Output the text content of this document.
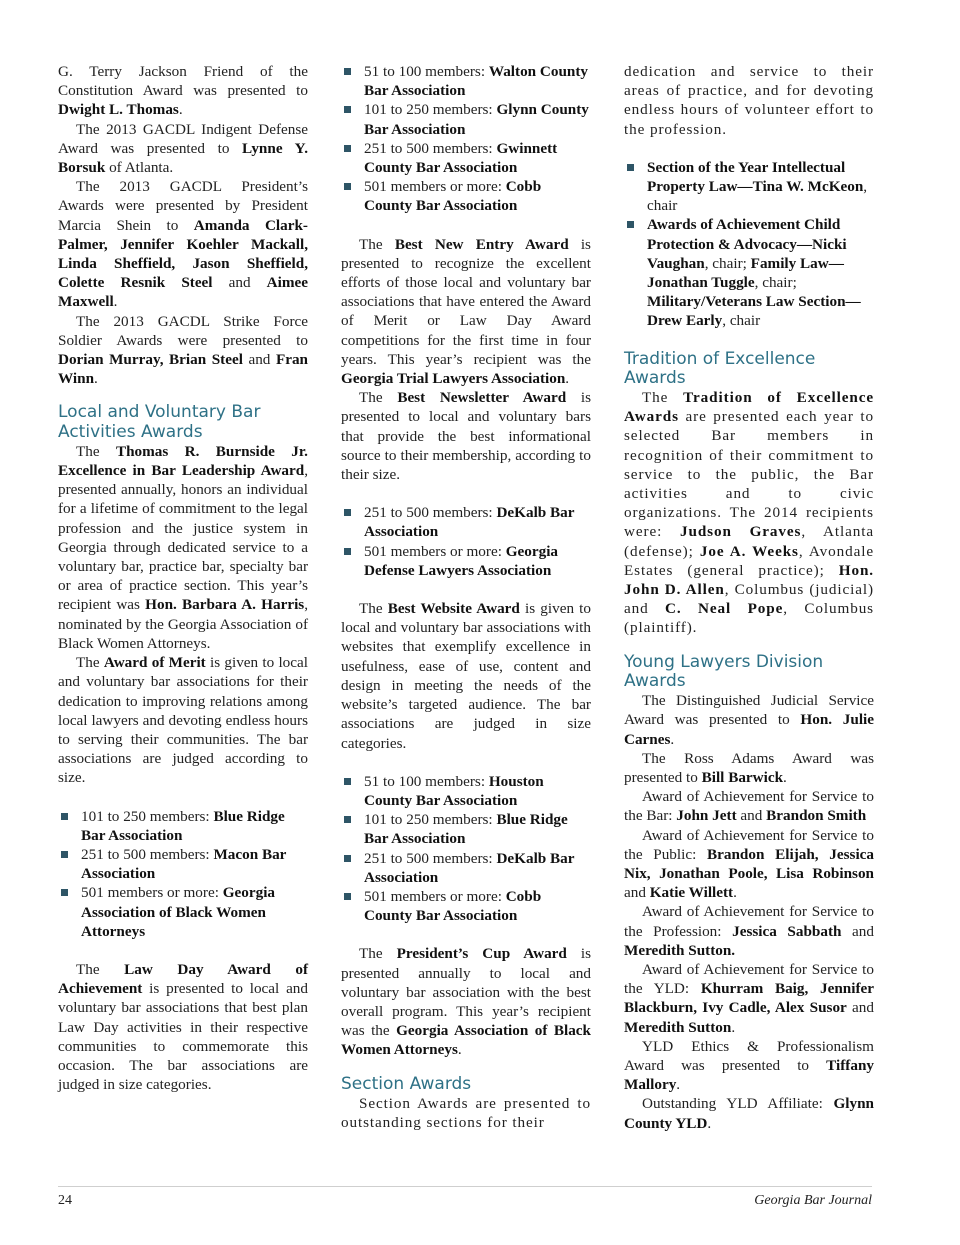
G. Terry Jackson Friend of the Constitution Award was presented to Dwight L. Thomas.

The 2013 GACDL Indigent Defense Award was presented to Lynne Y. Borsuk of Atlanta.

The 2013 GACDL President’s Awards were presented by President Marcia Shein to Amanda Clark-Palmer, Jennifer Koehler Mackall, Linda Sheffield, Jason Sheffield, Colette Resnik Steel and Aimee Maxwell.

The 2013 GACDL Strike Force Soldier Awards were presented to Dorian Murray, Brian Steel and Fran Winn.

Local and Voluntary Bar Activities Awards

The Thomas R. Burnside Jr. Excellence in Bar Leadership Award, presented annually, honors an individual for a lifetime of commitment to the legal profession and the justice system in Georgia through dedicated service to a voluntary bar, practice bar, specialty bar or area of practice section. This year’s recipient was Hon. Barbara A. Harris, nominated by the Georgia Association of Black Women Attorneys.

The Award of Merit is given to local and voluntary bar associations for their dedication to improving relations among local lawyers and devoting endless hours to serving their communities. The bar associations are judged according to size.

101 to 250 members: Blue Ridge Bar Association
251 to 500 members: Macon Bar Association
501 members or more: Georgia Association of Black Women Attorneys

The Law Day Award of Achievement is presented to local and voluntary bar associations that best plan Law Day activities in their respective communities to commemorate this occasion. The bar associations are judged in size categories.

51 to 100 members: Walton County Bar Association
101 to 250 members: Glynn County Bar Association
251 to 500 members: Gwinnett County Bar Association
501 members or more: Cobb County Bar Association

The Best New Entry Award is presented to recognize the excellent efforts of those local and voluntary bar associations that have entered the Award of Merit or Law Day Award competitions for the first time in four years. This year’s recipient was the Georgia Trial Lawyers Association.

The Best Newsletter Award is presented to local and voluntary bars that provide the best informational source to their membership, according to their size.

251 to 500 members: DeKalb Bar Association
501 members or more: Georgia Defense Lawyers Association

The Best Website Award is given to local and voluntary bar associations with websites that exemplify excellence in usefulness, ease of use, content and design in meeting the needs of the website’s targeted audience. The bar associations are judged in size categories.

51 to 100 members: Houston County Bar Association
101 to 250 members: Blue Ridge Bar Association
251 to 500 members: DeKalb Bar Association
501 members or more: Cobb County Bar Association

The President’s Cup Award is presented annually to local and voluntary bar association with the best overall program. This year’s recipient was the Georgia Association of Black Women Attorneys.

Section Awards

Section Awards are presented to outstanding sections for their

dedication and service to their areas of practice, and for devoting endless hours of volunteer effort to the profession.

Section of the Year Intellectual Property Law—Tina W. McKeon, chair
Awards of Achievement Child Protection & Advocacy—Nicki Vaughan, chair; Family Law—Jonathan Tuggle, chair; Military/Veterans Law Section—Drew Early, chair
Tradition of Excellence Awards

The Tradition of Excellence Awards are presented each year to selected Bar members in recognition of their commitment to service to the public, the Bar activities and to civic organizations. The 2014 recipients were: Judson Graves, Atlanta (defense); Joe A. Weeks, Avondale Estates (general practice); Hon. John D. Allen, Columbus (judicial) and C. Neal Pope, Columbus (plaintiff).

Young Lawyers Division Awards

The Distinguished Judicial Service Award was presented to Hon. Julie Carnes.

The Ross Adams Award was presented to Bill Barwick.

Award of Achievement for Service to the Bar: John Jett and Brandon Smith

Award of Achievement for Service to the Public: Brandon Elijah, Jessica Nix, Jonathan Poole, Lisa Robinson and Katie Willett.

Award of Achievement for Service to the Profession: Jessica Sabbath and Meredith Sutton.

Award of Achievement for Service to the YLD: Khurram Baig, Jennifer Blackburn, Ivy Cadle, Alex Susor and Meredith Sutton.

YLD Ethics & Professionalism Award was presented to Tiffany Mallory.

Outstanding YLD Affiliate: Glynn County YLD.

24	Georgia Bar Journal
